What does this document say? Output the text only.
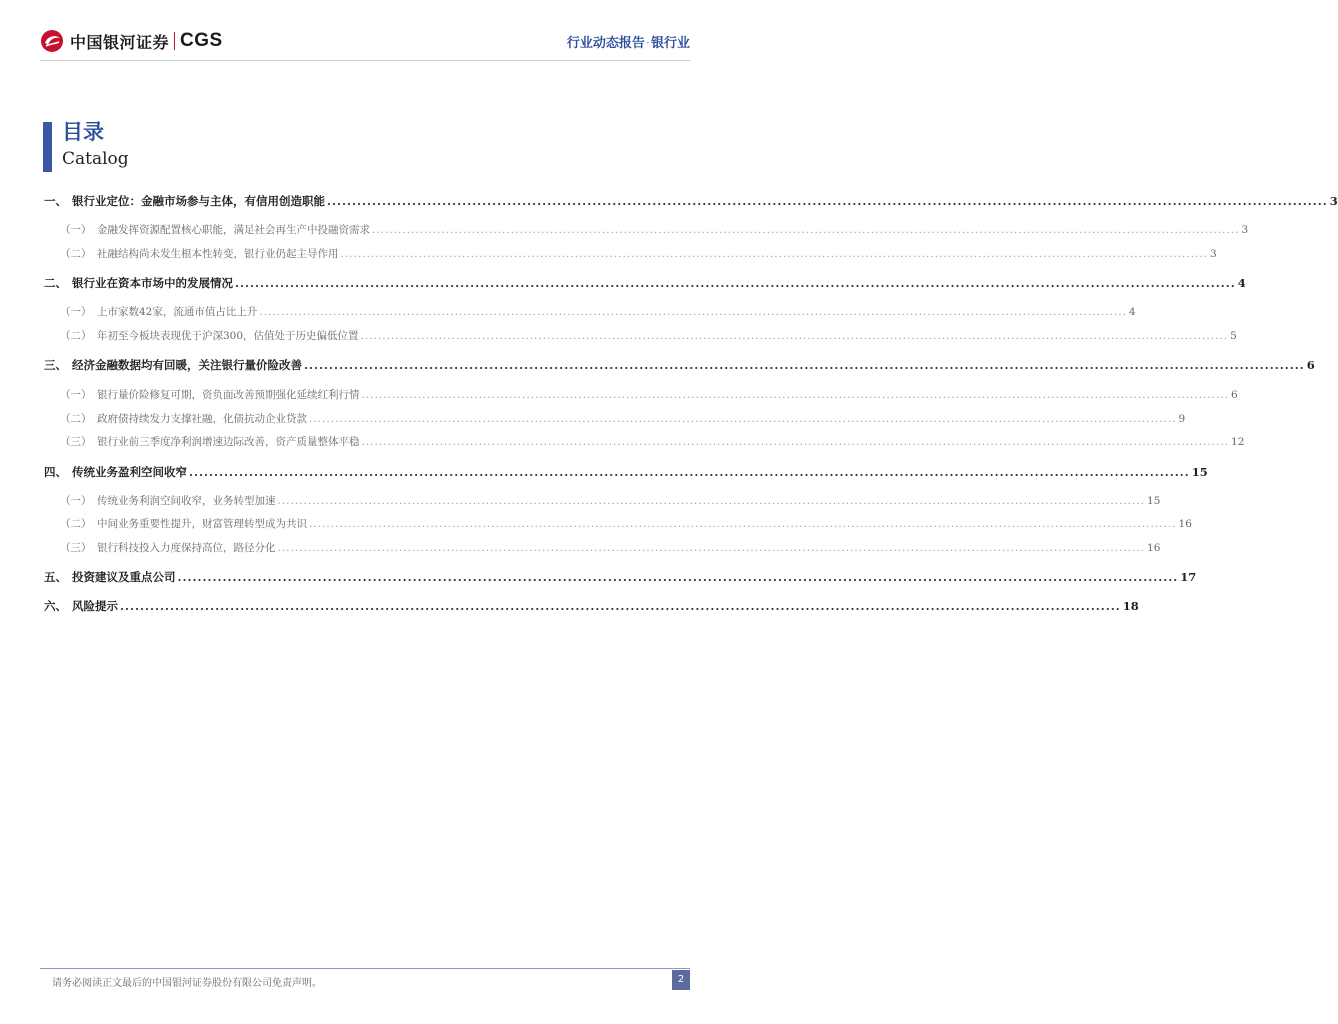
中国银河证券 CGS	行业动态报告·银行业
目录
Catalog
一、 银行业定位：金融市场参与主体，有信用创造职能 ........................................................................................................................................................................................................ 3
（一） 金融发挥资源配置核心职能，满足社会再生产中投融资需求 ........................................................................................................................................................................................................ 3
（二） 社融结构尚未发生根本性转变，银行业仍起主导作用 ........................................................................................................................................................................................................ 3
二、 银行业在资本市场中的发展情况 ........................................................................................................................................................................................................ 4
（一） 上市家数42家，流通市值占比上升 ........................................................................................................................................................................................................ 4
（二） 年初至今板块表现优于沪深300，估值处于历史偏低位置 ........................................................................................................................................................................................................ 5
三、 经济金融数据均有回暖，关注银行量价险改善 ........................................................................................................................................................................................................ 6
（一） 银行量价险修复可期，资负面改善预期强化延续红利行情 ........................................................................................................................................................................................................ 6
（二） 政府债持续发力支撑社融，化债抗动企业贷款 ........................................................................................................................................................................................................ 9
（三） 银行业前三季度净利润增速边际改善，资产质量整体平稳 ........................................................................................................................................................................................................ 12
四、 传统业务盈利空间收窄 ........................................................................................................................................................................................................ 15
（一） 传统业务利润空间收窄，业务转型加速 ........................................................................................................................................................................................................ 15
（二） 中间业务重要性提升，财富管理转型成为共识 ........................................................................................................................................................................................................ 16
（三） 银行科技投入力度保持高位，路径分化 ........................................................................................................................................................................................................ 16
五、 投资建议及重点公司 ........................................................................................................................................................................................................ 17
六、 风险提示 ........................................................................................................................................................................................................ 18
请务必阅读正文最后的中国银河证券股份有限公司免责声明。	2
